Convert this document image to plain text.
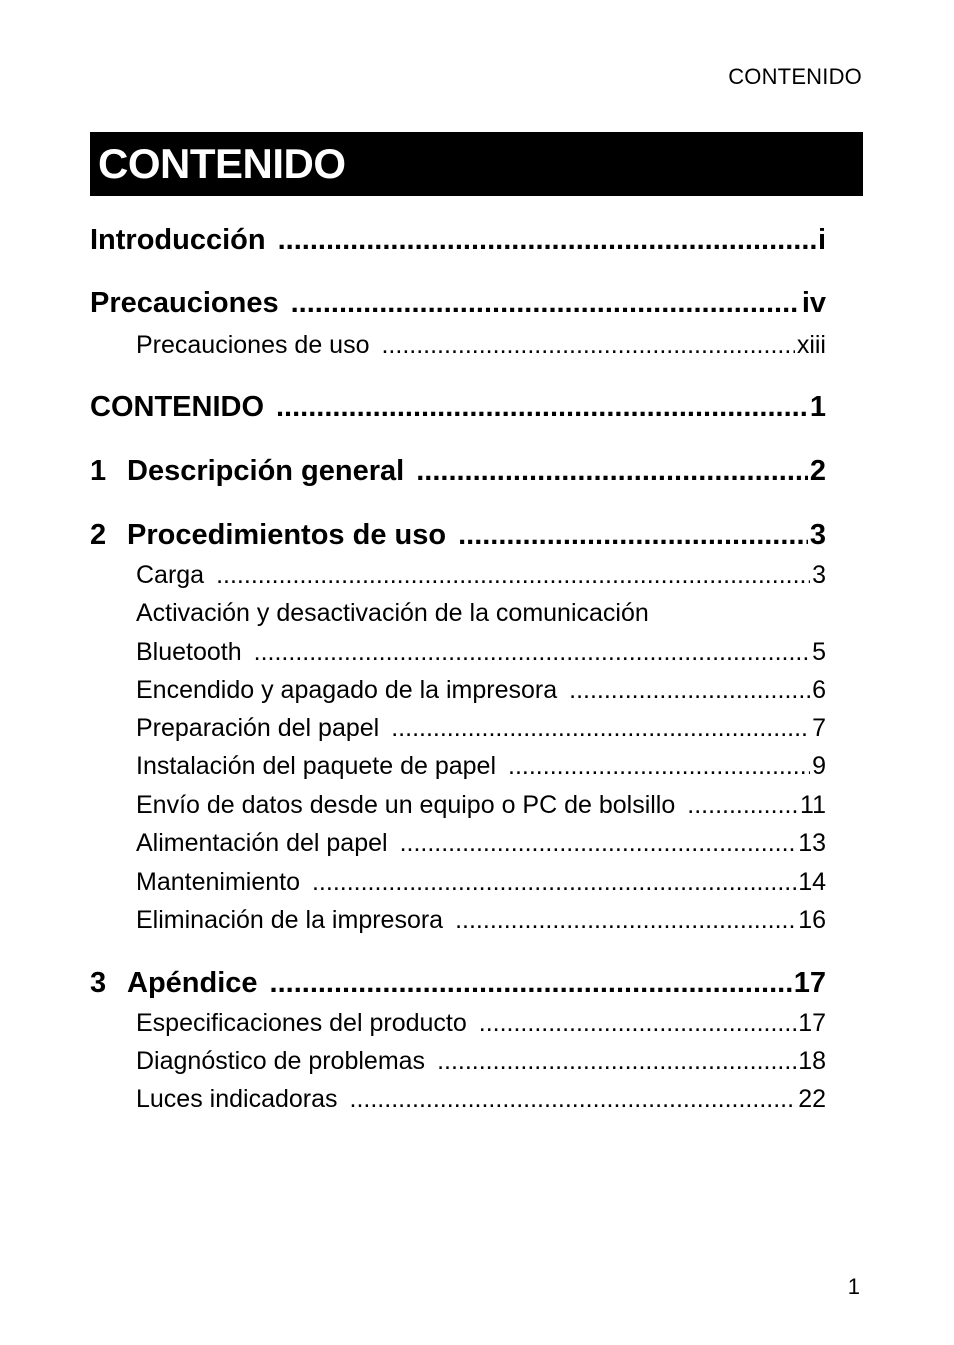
CONTENIDO
CONTENIDO
Introducción .....	i
Precauciones .....	iv
Precauciones de uso .....	xiii
CONTENIDO .....	1
1 Descripción general .....	2
2 Procedimientos de uso .....	3
Carga .....	3
Activación y desactivación de la comunicación
Bluetooth .....	5
Encendido y apagado de la impresora .....	6
Preparación del papel .....	7
Instalación del paquete de papel .....	9
Envío de datos desde un equipo o PC de bolsillo .....	11
Alimentación del papel .....	13
Mantenimiento .....	14
Eliminación de la impresora .....	16
3 Apéndice .....	17
Especificaciones del producto .....	17
Diagnóstico de problemas .....	18
Luces indicadoras .....	22
1
